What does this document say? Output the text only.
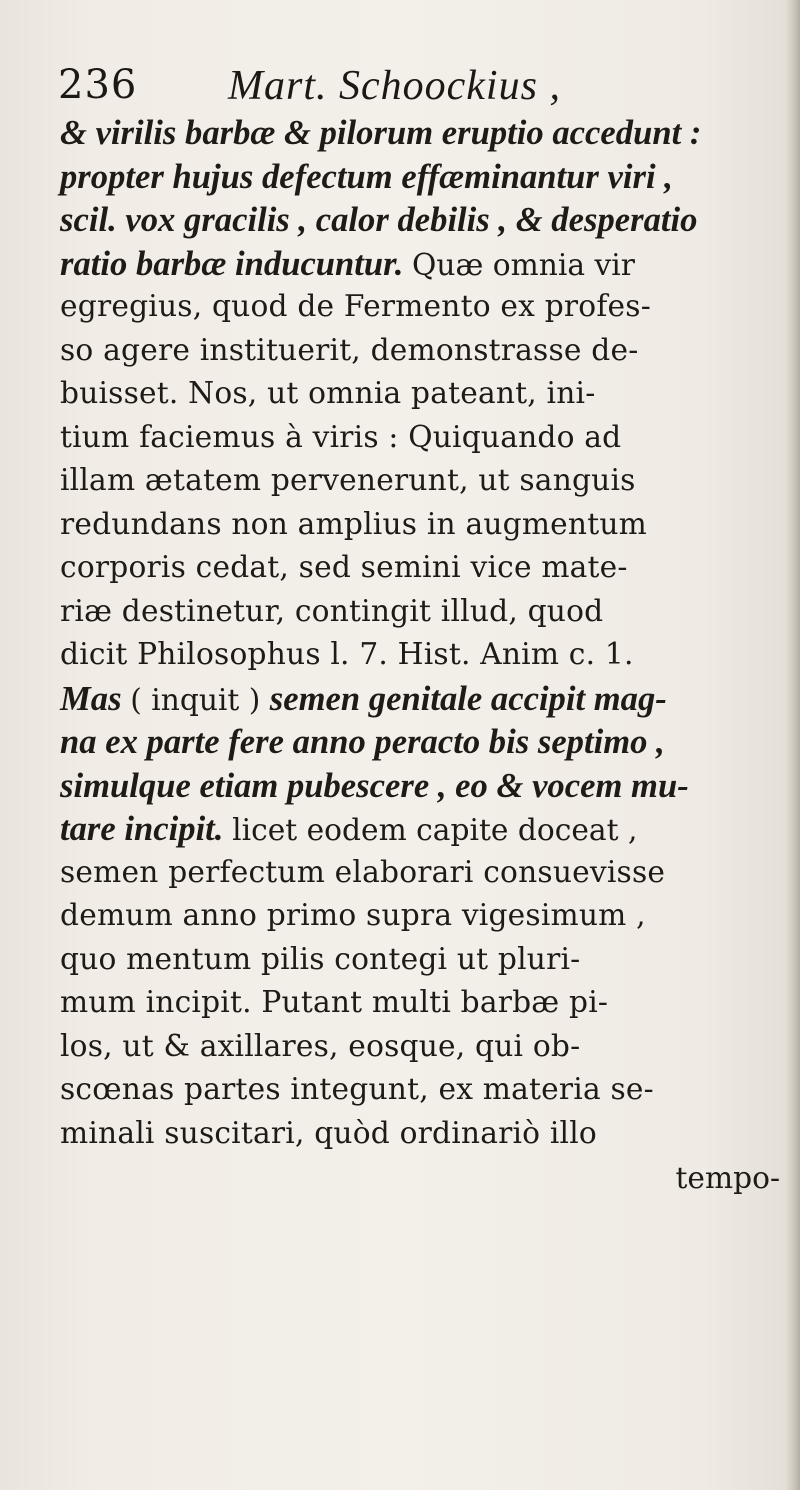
236 Mart. Schoockius ,
& virilis barbæ & pilorum eruptio accedunt :
propter hujus defectum effæminantur viri ,
scil. vox gracilis , calor debilis , & desperatio
ratio barbæ inducuntur. Quæ omnia vir
egregius, quod de Fermento ex profes-
so agere instituerit, demonstrasse de-
buisset. Nos, ut omnia pateant, ini-
tium faciemus à viris : Quiquando ad
illam ætatem pervenerunt, ut sanguis
redundans non amplius in augmentum
corporis cedat, sed semini vice mate-
riæ destinetur, contingit illud, quod
dicit Philosophus l. 7. Hist. Anim c. 1.
Mas ( inquit ) semen genitale accipit mag-
na ex parte fere anno peracto bis septimo ,
simulque etiam pubescere , eo & vocem mu-
tare incipit. licet eodem capite doceat ,
semen perfectum elaborari consuevisse
demum anno primo supra vigesimum ,
quo mentum pilis contegi ut pluri-
mum incipit. Putant multi barbæ pi-
los, ut & axillares, eosque, qui ob-
scœnas partes integunt, ex materia se-
minali suscitari, quòd ordinariò illo
tempo-
